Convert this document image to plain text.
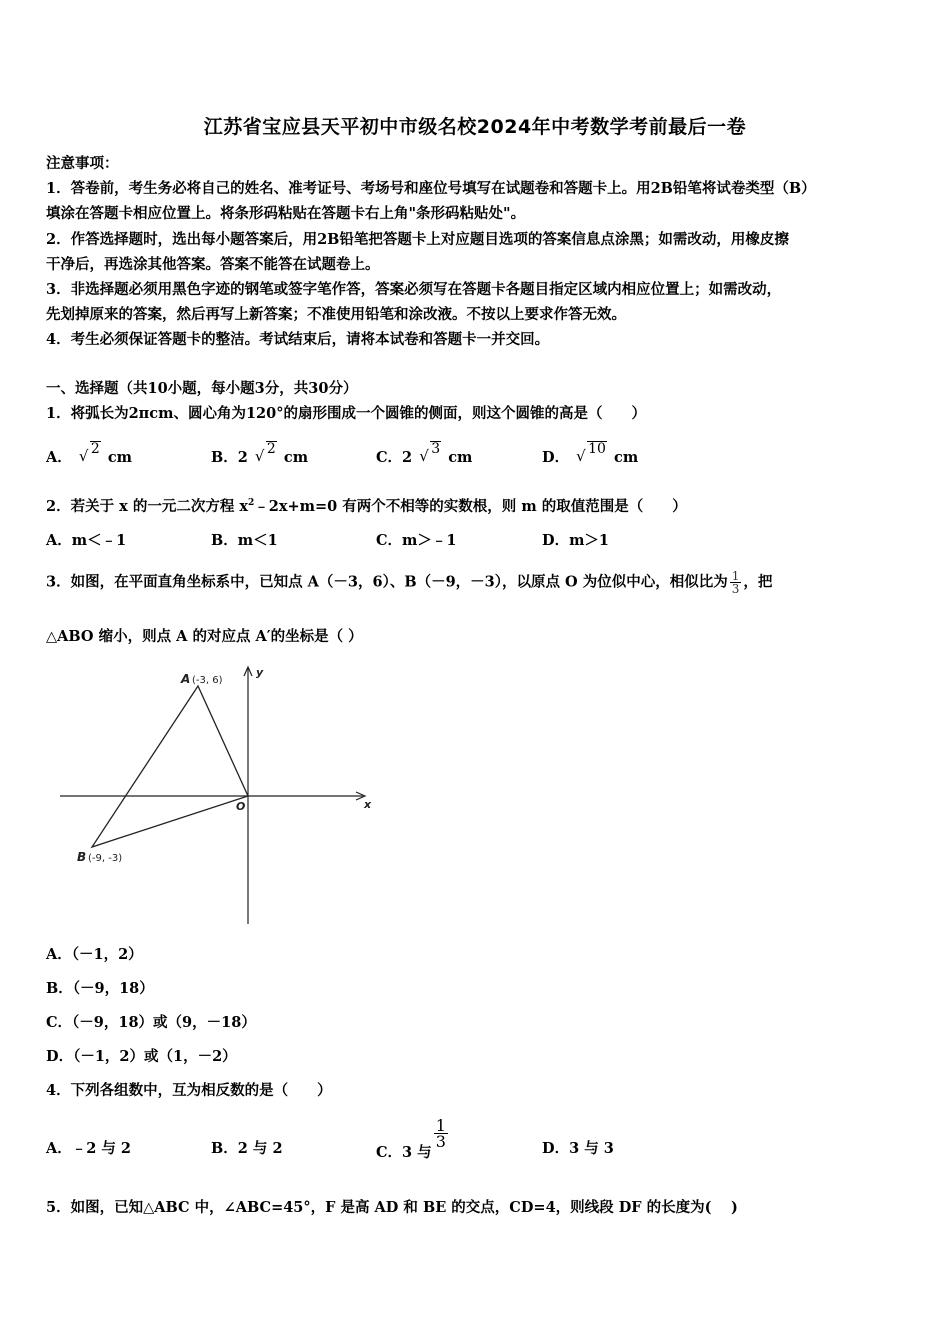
江苏省宝应县天平初中市级名校2024年中考数学考前最后一卷
注意事项：
1．答卷前，考生务必将自己的姓名、准考证号、考场号和座位号填写在试题卷和答题卡上。用2B铅笔将试卷类型（B）
填涂在答题卡相应位置上。将条形码粘贴在答题卡右上角"条形码粘贴处"。
2．作答选择题时，选出每小题答案后，用2B铅笔把答题卡上对应题目选项的答案信息点涂黑；如需改动，用橡皮擦
干净后，再选涂其他答案。答案不能答在试题卷上。
3．非选择题必须用黑色字迹的钢笔或签字笔作答，答案必须写在答题卡各题目指定区域内相应位置上；如需改动，
先划掉原来的答案，然后再写上新答案；不准使用铅笔和涂改液。不按以上要求作答无效。
4．考生必须保证答题卡的整洁。考试结束后，请将本试卷和答题卡一并交回。
一、选择题（共10小题，每小题3分，共30分）
1．将弧长为2πcm、圆心角为120°的扇形围成一个圆锥的侧面，则这个圆锥的高是（　　）
A． √ 2 cm	B．2 √ 2 cm	C．2 √ 3 cm	D． √ 10 cm
2．若关于 x 的一元二次方程 $x^2﹣2x+m=0$ 有两个不相等的实数根，则 m 的取值范围是（　　）
A．m＜﹣1	B．m＜1	C．m＞﹣1	D．m＞1
3．如图，在平面直角坐标系中，已知点 A（－3，6）、B（－9，－3），以原点 O 为位似中心，相似比为 $\frac{1}{3}$ ，把
△ABO 缩小，则点 A 的对应点 A′的坐标是（ ）
A (-3, 6)
B (-9, -3)
O	x
y
A．（－1，2）
B．（－9，18）
C．（－9，18）或（9，－18）
D．（－1，2）或（1，－2）
4．下列各组数中，互为相反数的是（　　）
A．﹣2 与 2	B．2 与 2	C．3 与
$\frac{1}{3}$	D．3 与 3
5．如图，已知△ABC 中，∠ABC=45°，F 是高 AD 和 BE 的交点，CD=4，则线段 DF 的长度为(　 )
